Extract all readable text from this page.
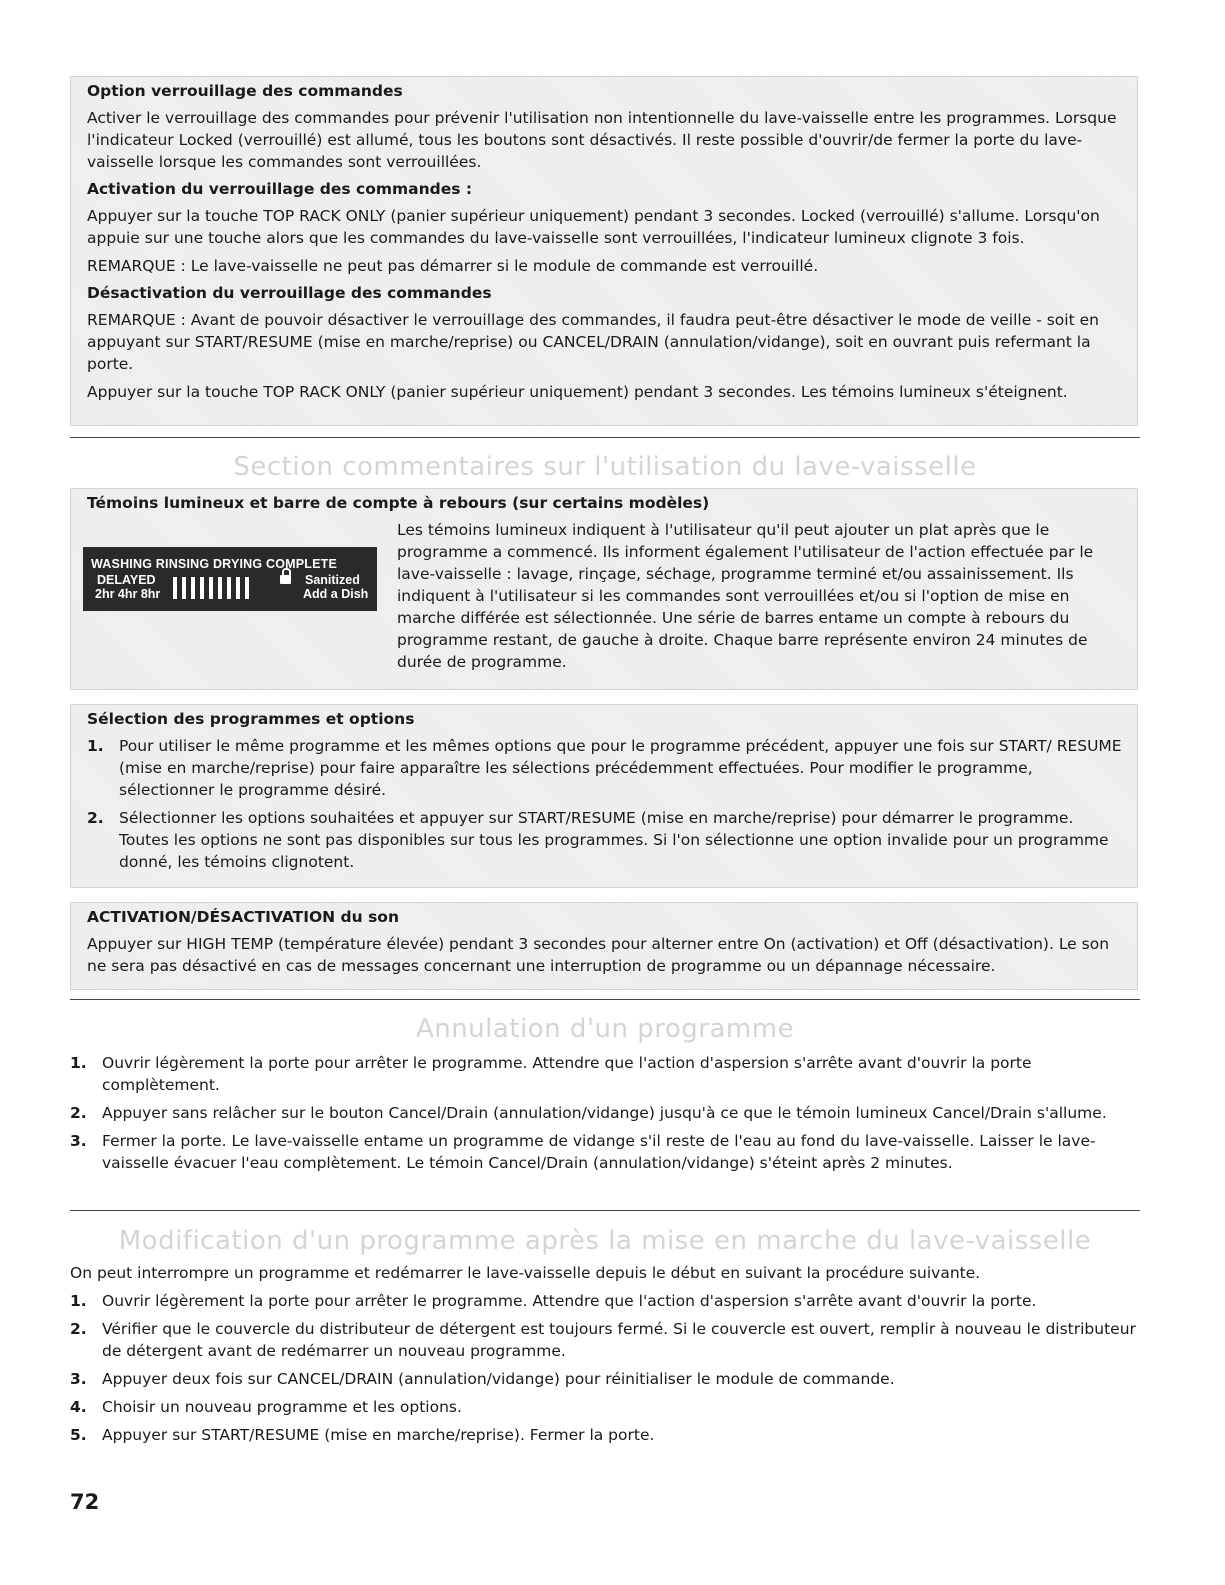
Option verrouillage des commandes

Activer le verrouillage des commandes pour prévenir l'utilisation non intentionnelle du lave-vaisselle entre les programmes. Lorsque l'indicateur Locked (verrouillé) est allumé, tous les boutons sont désactivés. Il reste possible d'ouvrir/de fermer la porte du lave-vaisselle lorsque les commandes sont verrouillées.

Activation du verrouillage des commandes :

Appuyer sur la touche TOP RACK ONLY (panier supérieur uniquement) pendant 3 secondes. Locked (verrouillé) s'allume. Lorsqu'on appuie sur une touche alors que les commandes du lave-vaisselle sont verrouillées, l'indicateur lumineux clignote 3 fois.

REMARQUE : Le lave-vaisselle ne peut pas démarrer si le module de commande est verrouillé.

Désactivation du verrouillage des commandes

REMARQUE : Avant de pouvoir désactiver le verrouillage des commandes, il faudra peut-être désactiver le mode de veille - soit en appuyant sur START/RESUME (mise en marche/reprise) ou CANCEL/DRAIN (annulation/vidange), soit en ouvrant puis refermant la porte.

Appuyer sur la touche TOP RACK ONLY (panier supérieur uniquement) pendant 3 secondes. Les témoins lumineux s'éteignent.

Section commentaires sur l'utilisation du lave-vaisselle
Témoins lumineux et barre de compte à rebours (sur certains modèles)
WASHING RINSING DRYING COMPLETE
DELAYED
2hr 4hr 8hr
Sanitized
Add a Dish

Les témoins lumineux indiquent à l'utilisateur qu'il peut ajouter un plat après que le programme a commencé. Ils informent également l'utilisateur de l'action effectuée par le lave-vaisselle : lavage, rinçage, séchage, programme terminé et/ou assainissement. Ils indiquent à l'utilisateur si les commandes sont verrouillées et/ou si l'option de mise en marche différée est sélectionnée. Une série de barres entame un compte à rebours du programme restant, de gauche à droite. Chaque barre représente environ 24 minutes de durée de programme.

Sélection des programmes et options
1. Pour utiliser le même programme et les mêmes options que pour le programme précédent, appuyer une fois sur START/ RESUME (mise en marche/reprise) pour faire apparaître les sélections précédemment effectuées. Pour modifier le programme, sélectionner le programme désiré.
2. Sélectionner les options souhaitées et appuyer sur START/RESUME (mise en marche/reprise) pour démarrer le programme. Toutes les options ne sont pas disponibles sur tous les programmes. Si l'on sélectionne une option invalide pour un programme donné, les témoins clignotent.
ACTIVATION/DÉSACTIVATION du son

Appuyer sur HIGH TEMP (température élevée) pendant 3 secondes pour alterner entre On (activation) et Off (désactivation). Le son ne sera pas désactivé en cas de messages concernant une interruption de programme ou un dépannage nécessaire.

Annulation d'un programme
1. Ouvrir légèrement la porte pour arrêter le programme. Attendre que l'action d'aspersion s'arrête avant d'ouvrir la porte complètement.
2. Appuyer sans relâcher sur le bouton Cancel/Drain (annulation/vidange) jusqu'à ce que le témoin lumineux Cancel/Drain s'allume.
3. Fermer la porte. Le lave-vaisselle entame un programme de vidange s'il reste de l'eau au fond du lave-vaisselle. Laisser le lave-vaisselle évacuer l'eau complètement. Le témoin Cancel/Drain (annulation/vidange) s'éteint après 2 minutes.
Modification d'un programme après la mise en marche du lave-vaisselle

On peut interrompre un programme et redémarrer le lave-vaisselle depuis le début en suivant la procédure suivante.

1. Ouvrir légèrement la porte pour arrêter le programme. Attendre que l'action d'aspersion s'arrête avant d'ouvrir la porte.
2. Vérifier que le couvercle du distributeur de détergent est toujours fermé. Si le couvercle est ouvert, remplir à nouveau le distributeur de détergent avant de redémarrer un nouveau programme.
3. Appuyer deux fois sur CANCEL/DRAIN (annulation/vidange) pour réinitialiser le module de commande.
4. Choisir un nouveau programme et les options.
5. Appuyer sur START/RESUME (mise en marche/reprise). Fermer la porte.
72
